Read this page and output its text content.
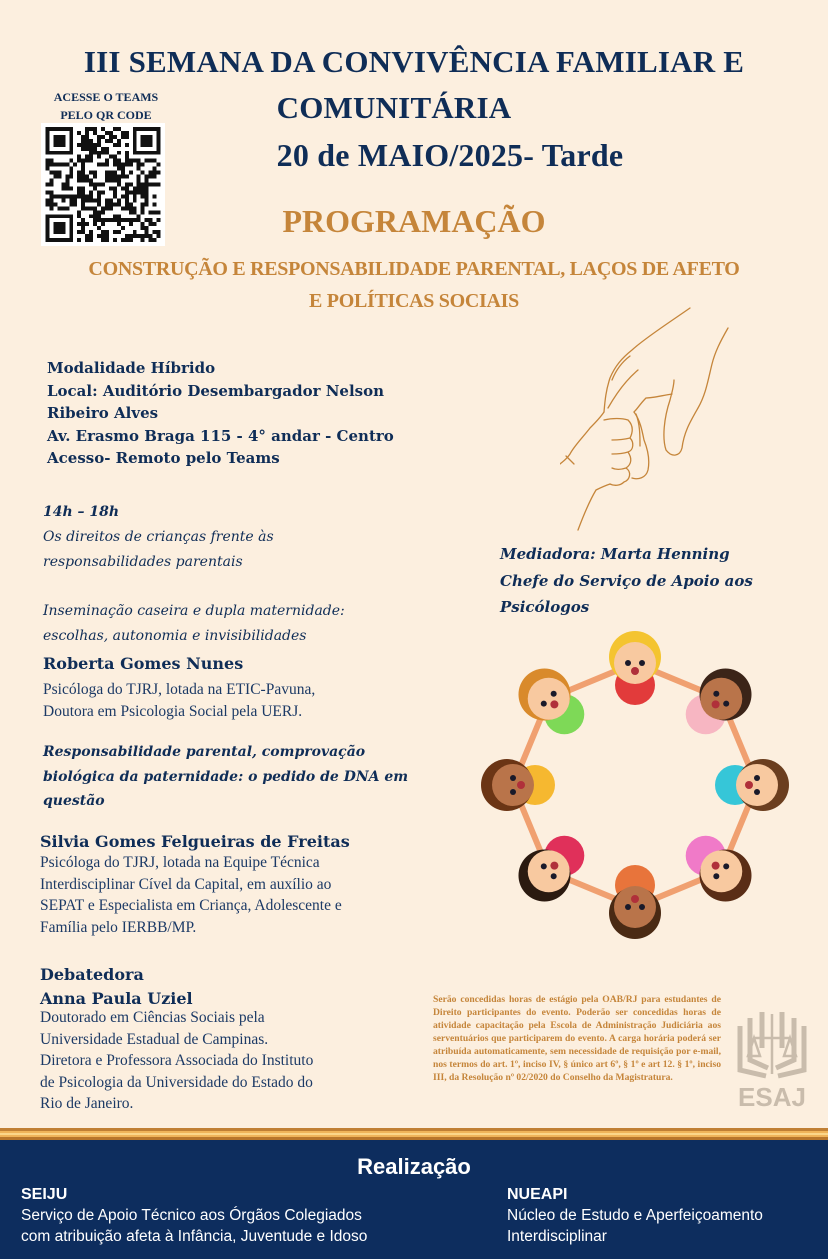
III SEMANA DA CONVIVÊNCIA FAMILIAR E
ACESSE O TEAMS
PELO QR CODE	COMUNITÁRIA
20 de MAIO/2025- Tarde
PROGRAMAÇÃO
CONSTRUÇÃO E RESPONSABILIDADE PARENTAL, LAÇOS DE AFETO
E POLÍTICAS SOCIAIS
Modalidade Híbrido
Local: Auditório Desembargador Nelson
Ribeiro Alves
Av. Erasmo Braga 115 - 4° andar - Centro
Acesso- Remoto pelo Teams
14h – 18h
Os direitos de crianças frente às
responsabilidades parentais
Inseminação caseira e dupla maternidade:
escolhas, autonomia e invisibilidades
Roberta Gomes Nunes
Psicóloga do TJRJ, lotada na ETIC-Pavuna,
Doutora em Psicologia Social pela UERJ.
Responsabilidade parental, comprovação
biológica da paternidade: o pedido de DNA em
questão
Silvia Gomes Felgueiras de Freitas
Psicóloga do TJRJ, lotada na Equipe Técnica
Interdisciplinar Cível da Capital, em auxílio ao
SEPAT e Especialista em Criança, Adolescente e
Família pelo IERBB/MP.
Debatedora
Anna Paula Uziel
Doutorado em Ciências Sociais pela
Universidade Estadual de Campinas.
Diretora e Professora Associada do Instituto
de Psicologia da Universidade do Estado do
Rio de Janeiro.
Mediadora: Marta Henning
Chefe do Serviço de Apoio aos
Psicólogos
Serão concedidas horas de estágio pela OAB/RJ para estudantes de Direito participantes do evento. Poderão ser concedidas horas de atividade capacitação pela Escola de Administração Judiciária aos serventuários que participarem do evento. A carga horária poderá ser atribuída automaticamente, sem necessidade de requisição por e-mail, nos termos do art. 1º, inciso IV, § único art 6º, § 1º e art 12. § 1º, inciso III, da Resolução nº 02/2020 do Conselho da Magistratura.
ESAJ
Realização
SEIJU
Serviço de Apoio Técnico aos Órgãos Colegiados
com atribuição afeta à Infância, Juventude e Idoso
NUEAPI
Núcleo de Estudo e Aperfeiçoamento
Interdisciplinar
